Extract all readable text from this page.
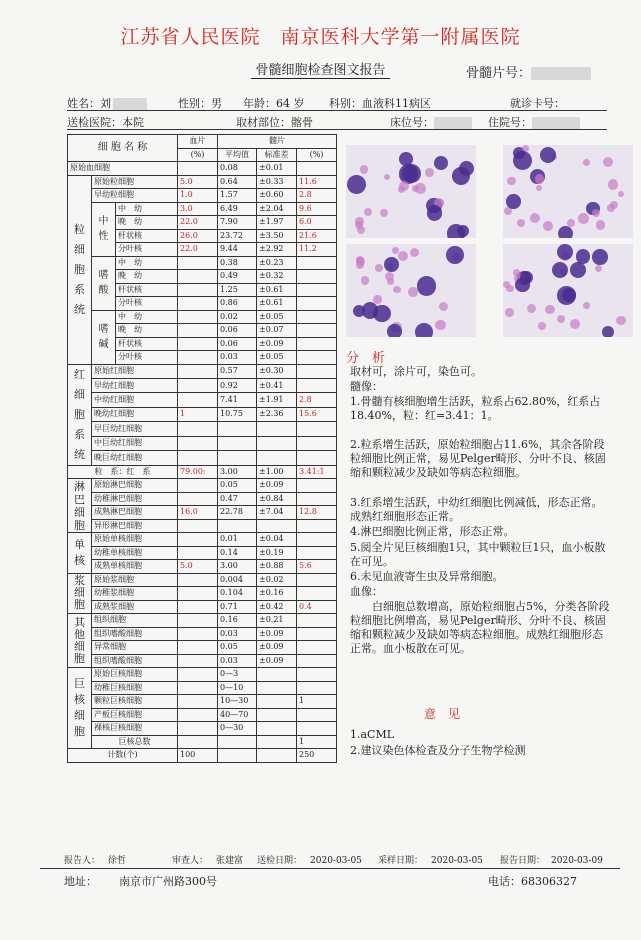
江苏省人民医院　南京医科大学第一附属医院
骨髓细胞检查图文报告	骨髓片号：
姓名：刘	性别：男 年龄：64 岁 科别：血液科11病区	就诊卡号：
送检医院：本院	取材部位：髂骨	床位号：	住院号：
细 胞 名 称			血片	髓片		
			(%)	平均值	标准差	(%)
原始血细胞				0.08	±0.01	
粒细胞系统	原始粒细胞		5.0	0.64	±0.33	11.6
	早幼粒细胞		1.0	1.57	±0.60	2.8
	中性	中　幼	3.0	6.49	±2.04	9.6
		晚　幼	22.0	7.90	±1.97	6.0
		杆状核	26.0	23.72	±3.50	21.6
		分叶核	22.0	9.44	±2.92	11.2
	嗜酸	中　幼		0.38	±0.23	
		晚　幼		0.49	±0.32	
		杆状核		1.25	±0.61	
		分叶核		0.86	±0.61	
	嗜碱	中　幼		0.02	±0.05	
		晚　幼		0.06	±0.07	
		杆状核		0.06	±0.09	
		分叶核		0.03	±0.05	
红细胞系统	原始红细胞			0.57	±0.30	
	早幼红细胞			0.92	±0.41	
	中幼红细胞			7.41	±1.91	2.8
	晚幼红细胞		1	10.75	±2.36	15.6
	早巨幼红细胞					
	中巨幼红细胞					
	晚巨幼红细胞					
粒　系：红　系			79.00:	3.00	±1.00	3.41:1
淋巴细胞	原始淋巴细胞			0.05	±0.09	
	幼稚淋巴细胞			0.47	±0.84	
	成熟淋巴细胞		16.0	22.78	±7.04	12.8
	异形淋巴细胞					
单核	原始单核细胞			0.01	±0.04	
	幼稚单核细胞			0.14	±0.19	
	成熟单核细胞		5.0	3.00	±0.88	5.6
浆细胞	原始浆细胞			0.004	±0.02	
	幼稚浆细胞			0.104	±0.16	
	成熟浆细胞			0.71	±0.42	0.4
其他细胞	组织细胞			0.16	±0.21	
	组织嗜酸细胞			0.03	±0.09	
	异常细胞			0.05	±0.09	
	组织嗜酸细胞			0.03	±0.09	
巨核细胞	原始巨核细胞			0—3		
	幼稚巨核细胞			0—10		
	颗粒巨核细胞			10—30		1
	产板巨核细胞			40—70		
	裸核巨核细胞			0—30		
	巨核总数					1
计数(个)			100			250
分　析
取材可，涂片可，染色可。
髓像：
1.骨髓有核细胞增生活跃，粒系占62.80%，红系占 18.40%，粒：红=3.41：1。
2.粒系增生活跃，原始粒细胞占11.6%，其余各阶段粒细胞比例正常，易见Pelger畸形、分叶不良、核固缩和颗粒减少及缺如等病态粒细胞。
3.红系增生活跃，中幼红细胞比例减低，形态正常。成熟红细胞形态正常。
4.淋巴细胞比例正常，形态正常。
5.阅全片见巨核细胞1只，其中颗粒巨1只，血小板散在可见。
6.未见血液寄生虫及异常细胞。
血像：
　　白细胞总数增高，原始粒细胞占5%，分类各阶段粒细胞比例增高，易见Pelger畸形、分叶不良、核固缩和颗粒减少及缺如等病态粒细胞。成熟红细胞形态正常。血小板散在可见。
意　见
1.aCML
2.建议染色体检查及分子生物学检测
报告人： 徐哲	审查人： 张建富 送检日期： 2020-03-05 采样日期： 2020-03-05 报告日期： 2020-03-09
地址： 南京市广州路300号	电话：68306327
